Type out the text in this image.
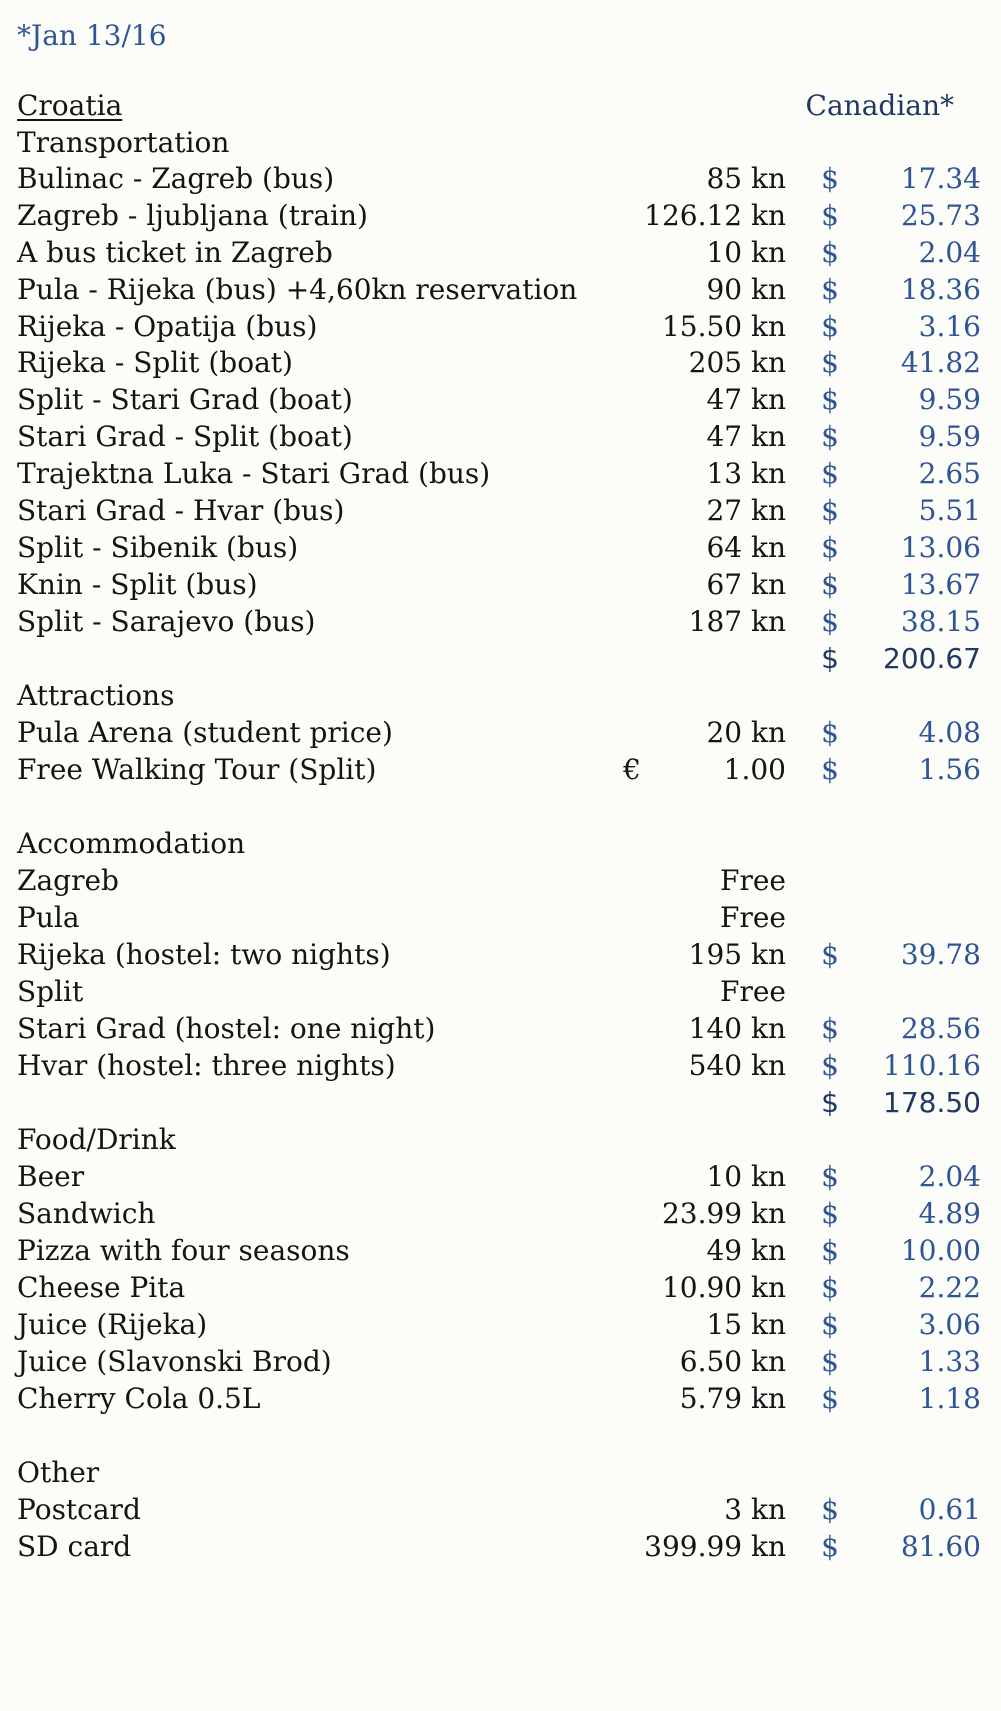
*Jan 13/16
Croatia	Canadian*
Transportation
Bulinac - Zagreb (bus)	85 kn $ 17.34
Zagreb - ljubljana (train)	126.12 kn $ 25.73
A bus ticket in Zagreb	10 kn $	2.04
Pula - Rijeka (bus) +4,60kn reservation	90 kn $ 18.36
Rijeka - Opatija (bus)	15.50 kn $	3.16
Rijeka - Split (boat)	205 kn $ 41.82
Split - Stari Grad (boat)	47 kn $	9.59
Stari Grad - Split (boat)	47 kn $	9.59
Trajektna Luka - Stari Grad (bus)	13 kn $	2.65
Stari Grad - Hvar (bus)	27 kn $	5.51
Split - Sibenik (bus)	64 kn $ 13.06
Knin - Split (bus)	67 kn $ 13.67
Split - Sarajevo (bus)	187 kn $ 38.15
$ 200.67
Attractions
Pula Arena (student price)	20 kn $	4.08
Free Walking Tour (Split)	€	1.00 $	1.56
Accommodation
Zagreb	Free
Pula	Free
Rijeka (hostel: two nights)	195 kn $ 39.78
Split	Free
Stari Grad (hostel: one night)	140 kn $ 28.56
Hvar (hostel: three nights)	540 kn $ 110.16
$ 178.50
Food/Drink
Beer	10 kn $	2.04
Sandwich	23.99 kn $	4.89
Pizza with four seasons	49 kn $ 10.00
Cheese Pita	10.90 kn $	2.22
Juice (Rijeka)	15 kn $	3.06
Juice (Slavonski Brod)	6.50 kn $	1.33
Cherry Cola 0.5L	5.79 kn $	1.18
Other
Postcard	3 kn $	0.61
SD card	399.99 kn $ 81.60
